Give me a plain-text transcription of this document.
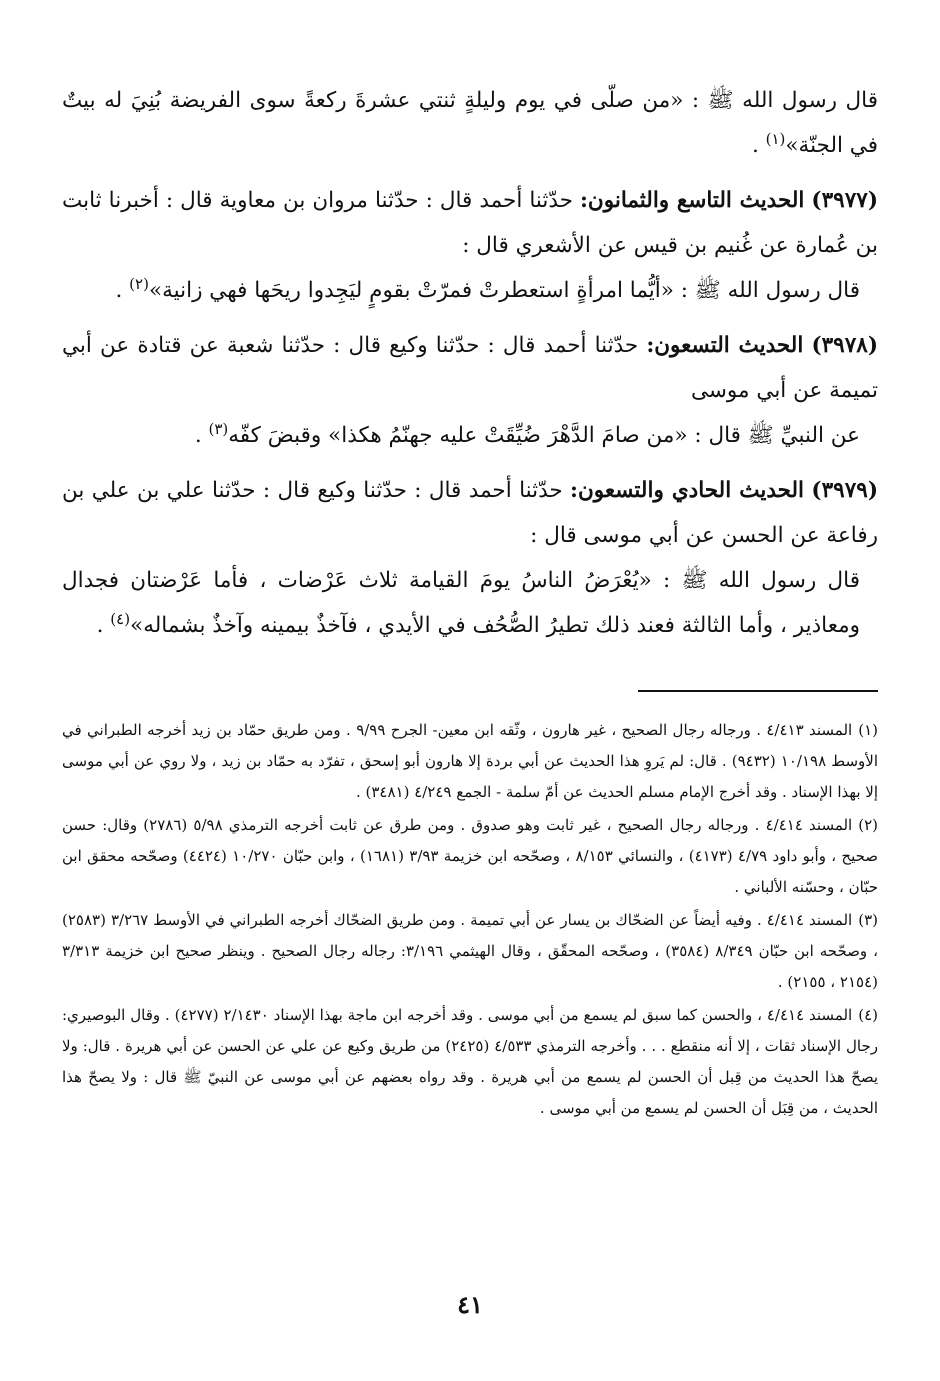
قال رسول الله ﷺ : «من صلّى في يوم وليلةٍ ثنتي عشرةَ ركعةً سوى الفريضة بُنِيَ له بيتٌ في الجنّة»$^{(١)}$ .

(٣٩٧٧) الحديث التاسع والثمانون: حدّثنا أحمد قال : حدّثنا مروان بن معاوية قال : أخبرنا ثابت بن عُمارة عن غُنيم بن قيس عن الأشعري قال :

قال رسول الله ﷺ : «أيُّما امرأةٍ استعطرتْ فمرّتْ بقومٍ ليَجِدوا ريحَها فهي زانية»$^{(٢)}$ .

(٣٩٧٨) الحديث التسعون: حدّثنا أحمد قال : حدّثنا وكيع قال : حدّثنا شعبة عن قتادة عن أبي تميمة عن أبي موسى

عن النبيِّ ﷺ قال : «من صامَ الدَّهْرَ ضُيِّقَتْ عليه جهنّمُ هكذا» وقبضَ كفّه$^{(٣)}$ .

(٣٩٧٩) الحديث الحادي والتسعون: حدّثنا أحمد قال : حدّثنا وكيع قال : حدّثنا علي بن علي بن رفاعة عن الحسن عن أبي موسى قال :

قال رسول الله ﷺ : «يُعْرَضُ الناسُ يومَ القيامة ثلاث عَرْضات ، فأما عَرْضتان فجدال ومعاذير ، وأما الثالثة فعند ذلك تطيرُ الصُّحُف في الأيدي ، فآخذٌ بيمينه وآخذٌ بشماله»$^{(٤)}$ .

(١)المسند ٤/٤١٣ . ورجاله رجال الصحيح ، غير هارون ، وثّقه ابن معين- الجرح ٩/٩٩ . ومن طريق حمّاد بن زيد أخرجه الطبراني في الأوسط ١٠/١٩٨ (٩٤٣٢) . قال: لم يَروِ هذا الحديث عن أبي بردة إلا هارون أبو إسحق ، تفرّد به حمّاد بن زيد ، ولا روي عن أبي موسى إلا بهذا الإسناد . وقد أخرج الإمام مسلم الحديث عن أمّ سلمة - الجمع ٤/٢٤٩ (٣٤٨١) .

(٢)المسند ٤/٤١٤ . ورجاله رجال الصحيح ، غير ثابت وهو صدوق . ومن طرق عن ثابت أخرجه الترمذي ٥/٩٨ (٢٧٨٦) وقال: حسن صحيح ، وأبو داود ٤/٧٩ (٤١٧٣) ، والنسائي ٨/١٥٣ ، وصحّحه ابن خزيمة ٣/٩٣ (١٦٨١) ، وابن حبّان ١٠/٢٧٠ (٤٤٢٤) وصحّحه محقق ابن حبّان ، وحسّنه الألباني .

(٣)المسند ٤/٤١٤ . وفيه أيضاً عن الضحّاك بن يسار عن أبي تميمة . ومن طريق الضحّاك أخرجه الطبراني في الأوسط ٣/٢٦٧ (٢٥٨٣) ، وصحّحه ابن حبّان ٨/٣٤٩ (٣٥٨٤) ، وصحّحه المحقّق ، وقال الهيثمي ٣/١٩٦: رجاله رجال الصحيح . وينظر صحيح ابن خزيمة ٣/٣١٣ (٢١٥٤ ، ٢١٥٥) .

(٤)المسند ٤/٤١٤ ، والحسن كما سبق لم يسمع من أبي موسى . وقد أخرجه ابن ماجة بهذا الإسناد ٢/١٤٣٠ (٤٢٧٧) . وقال البوصيري: رجال الإسناد ثقات ، إلا أنه منقطع . . . وأخرجه الترمذي ٤/٥٣٣ (٢٤٢٥) من طريق وكيع عن علي عن الحسن عن أبي هريرة . قال: ولا يصحّ هذا الحديث من قِبل أن الحسن لم يسمع من أبي هريرة . وقد رواه بعضهم عن أبي موسى عن النبيّ ﷺ قال : ولا يصحّ هذا الحديث ، من قِبَل أن الحسن لم يسمع من أبي موسى .

٤١
